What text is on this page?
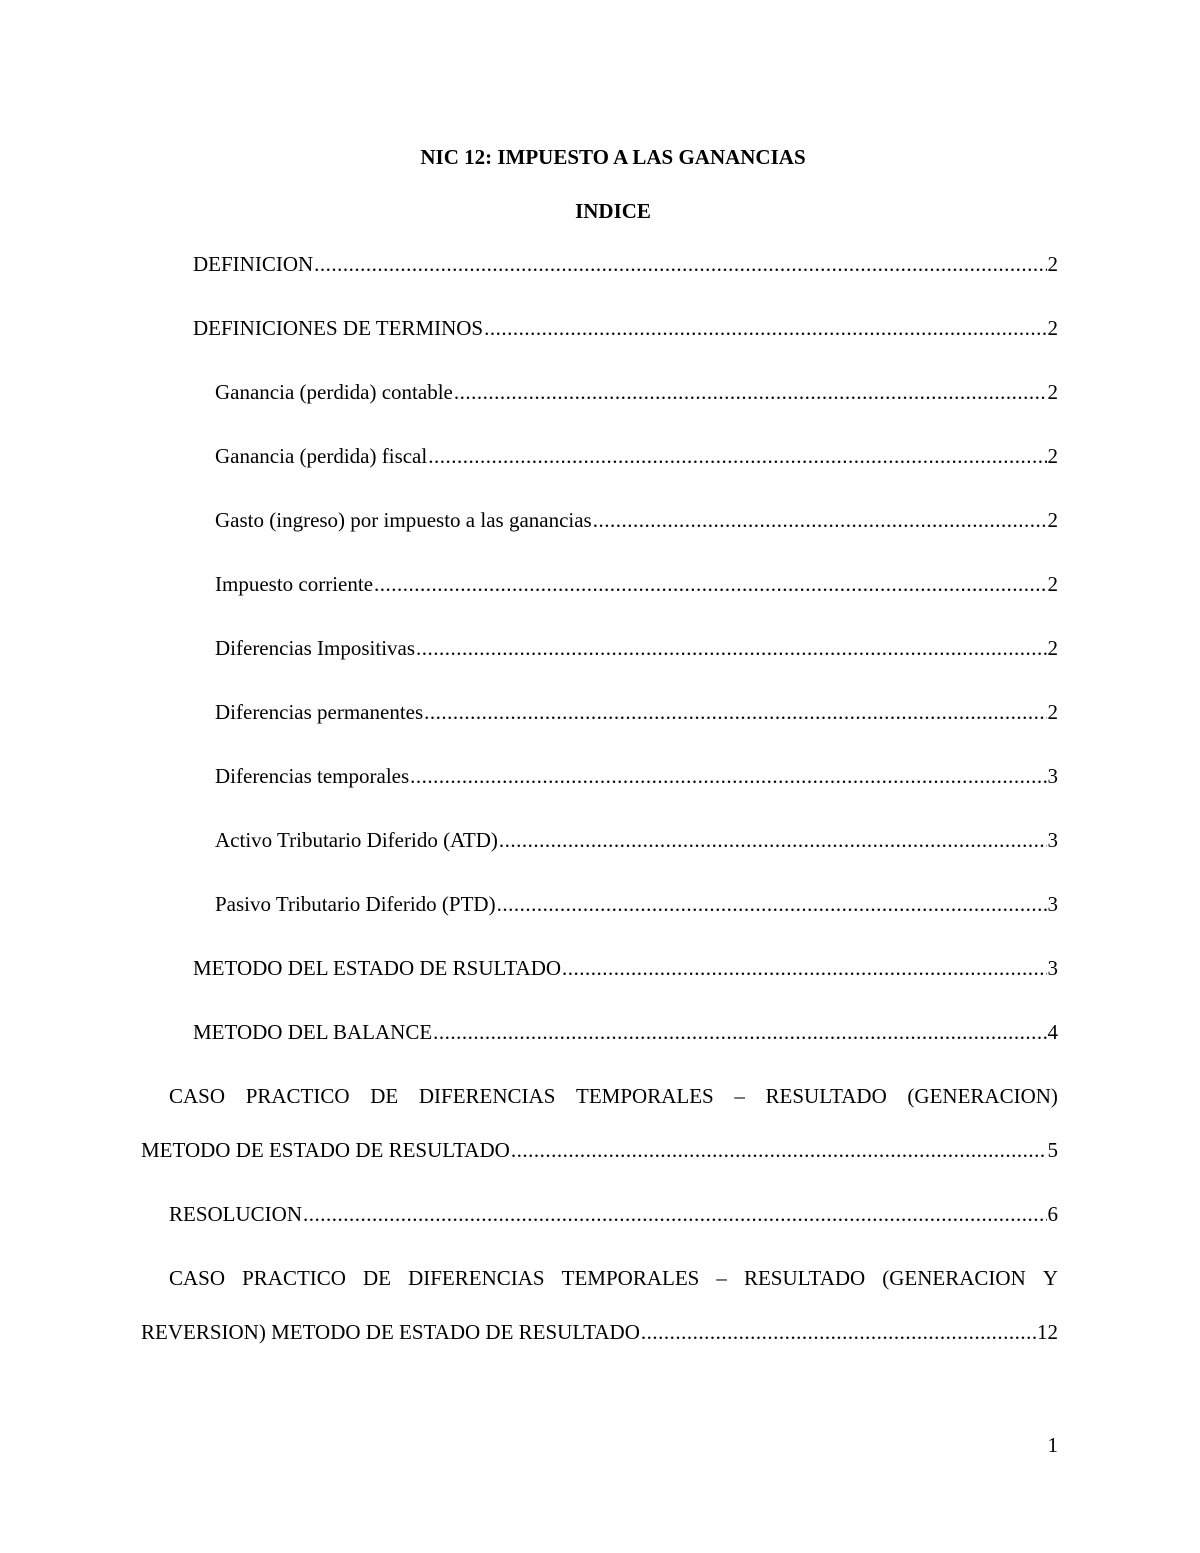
NIC 12: IMPUESTO A LAS GANANCIAS
INDICE
DEFINICION .....	2
DEFINICIONES DE TERMINOS .....	2
Ganancia (perdida) contable .....	2
Ganancia (perdida) fiscal .....	2
Gasto (ingreso) por impuesto a las ganancias .....	2
Impuesto corriente .....	2
Diferencias Impositivas .....	2
Diferencias permanentes .....	2
Diferencias temporales .....	3
Activo Tributario Diferido (ATD) .....	3
Pasivo Tributario Diferido (PTD) .....	3
METODO DEL ESTADO DE RSULTADO .....	3
METODO DEL BALANCE .....	4
CASO PRACTICO DE DIFERENCIAS TEMPORALES – RESULTADO (GENERACION)
METODO DE ESTADO DE RESULTADO .....	5
RESOLUCION .....	6
CASO PRACTICO DE DIFERENCIAS TEMPORALES – RESULTADO (GENERACION Y
REVERSION) METODO DE ESTADO DE RESULTADO .....	12
1
